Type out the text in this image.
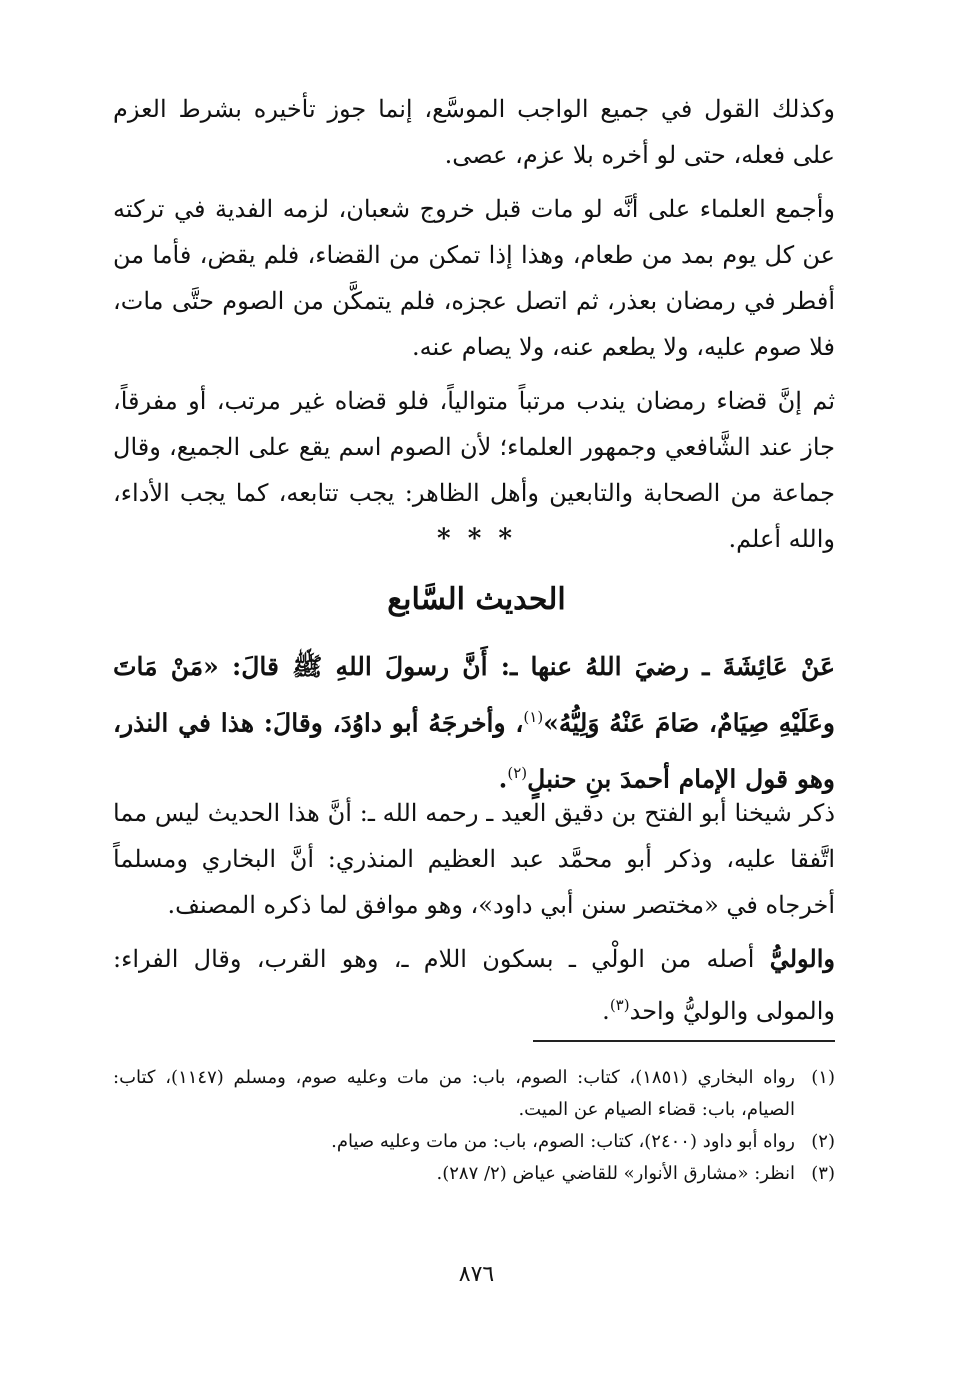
وكذلك القول في جميع الواجب الموسَّع، إنما جوز تأخيره بشرط العزم على فعله، حتى لو أخره بلا عزم، عصى.

وأجمع العلماء على أنَّه لو مات قبل خروج شعبان، لزمه الفدية في تركته عن كل يوم بمد من طعام، وهذا إذا تمكن من القضاء، فلم يقض، فأما من أفطر في رمضان بعذر، ثم اتصل عجزه، فلم يتمكَّن من الصوم حتَّى مات، فلا صوم عليه، ولا يطعم عنه، ولا يصام عنه.

ثم إنَّ قضاء رمضان يندب مرتباً متوالياً، فلو قضاه غير مرتب، أو مفرقاً، جاز عند الشَّافعي وجمهور العلماء؛ لأن الصوم اسم يقع على الجميع، وقال جماعة من الصحابة والتابعين وأهل الظاهر: يجب تتابعه، كما يجب الأداء، والله أعلم.

* * *

الحديث السَّابع

عَنْ عَائِشَةَ ـ رضيَ اللهُ عنها ـ: أَنَّ رسولَ اللهِ ﷺ قالَ: «مَنْ مَاتَ وعَلَيْهِ صِيَامٌ، صَامَ عَنْهُ وَلِيُّهُ»$^{(١)}$، وأخرجَهُ أبو داوُدَ، وقالَ: هذا في النذر، وهو قول الإمام أحمدَ بنِ حنبلٍ$^{(٢)}$.

ذكر شيخنا أبو الفتح بن دقيق العيد ـ رحمه الله ـ: أنَّ هذا الحديث ليس مما اتَّفقا عليه، وذكر أبو محمَّد عبد العظيم المنذري: أنَّ البخاري ومسلماً أخرجاه في «مختصر سنن أبي داود»، وهو موافق لما ذكره المصنف.

والوليُّ أصله من الولْي ـ بسكون اللام ـ، وهو القرب، وقال الفراء: والمولى والوليُّ واحد$^{(٣)}$.

(١)
رواه البخاري (١٨٥١)، كتاب: الصوم، باب: من مات وعليه صوم، ومسلم (١١٤٧)، كتاب: الصيام، باب: قضاء الصيام عن الميت.
(٢)
رواه أبو داود (٢٤٠٠)، كتاب: الصوم، باب: من مات وعليه صيام.
(٣)
انظر: «مشارق الأنوار» للقاضي عياض (٢/ ٢٨٧).

٨٧٦
